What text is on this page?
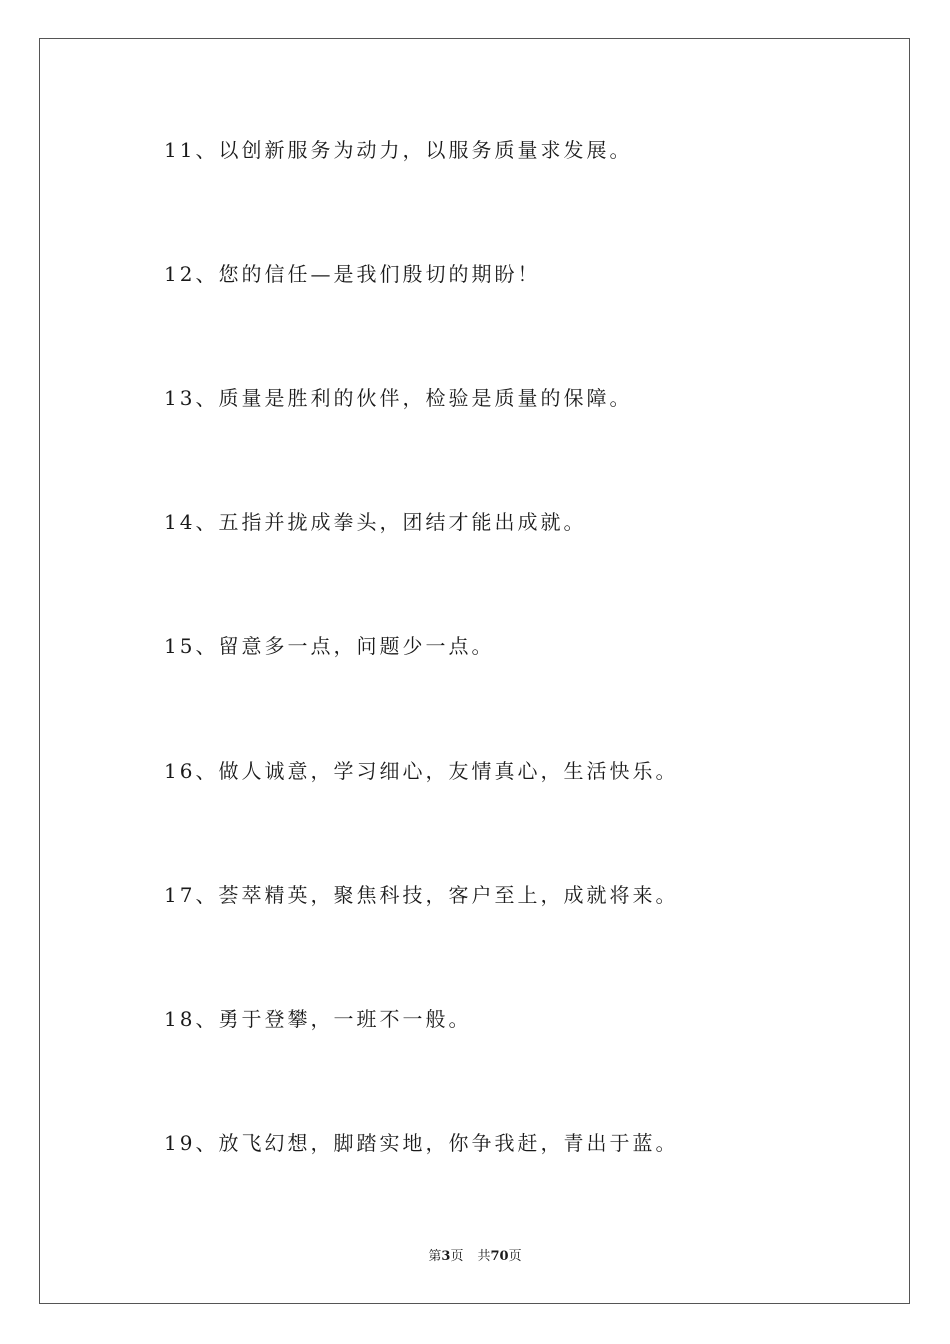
11、以创新服务为动力，以服务质量求发展。
12、您的信任—是我们殷切的期盼！
13、质量是胜利的伙伴，检验是质量的保障。
14、五指并拢成拳头，团结才能出成就。
15、留意多一点，问题少一点。
16、做人诚意，学习细心，友情真心，生活快乐。
17、荟萃精英，聚焦科技，客户至上，成就将来。
18、勇于登攀，一班不一般。
19、放飞幻想，脚踏实地，你争我赶，青出于蓝。
第3页 共70页
